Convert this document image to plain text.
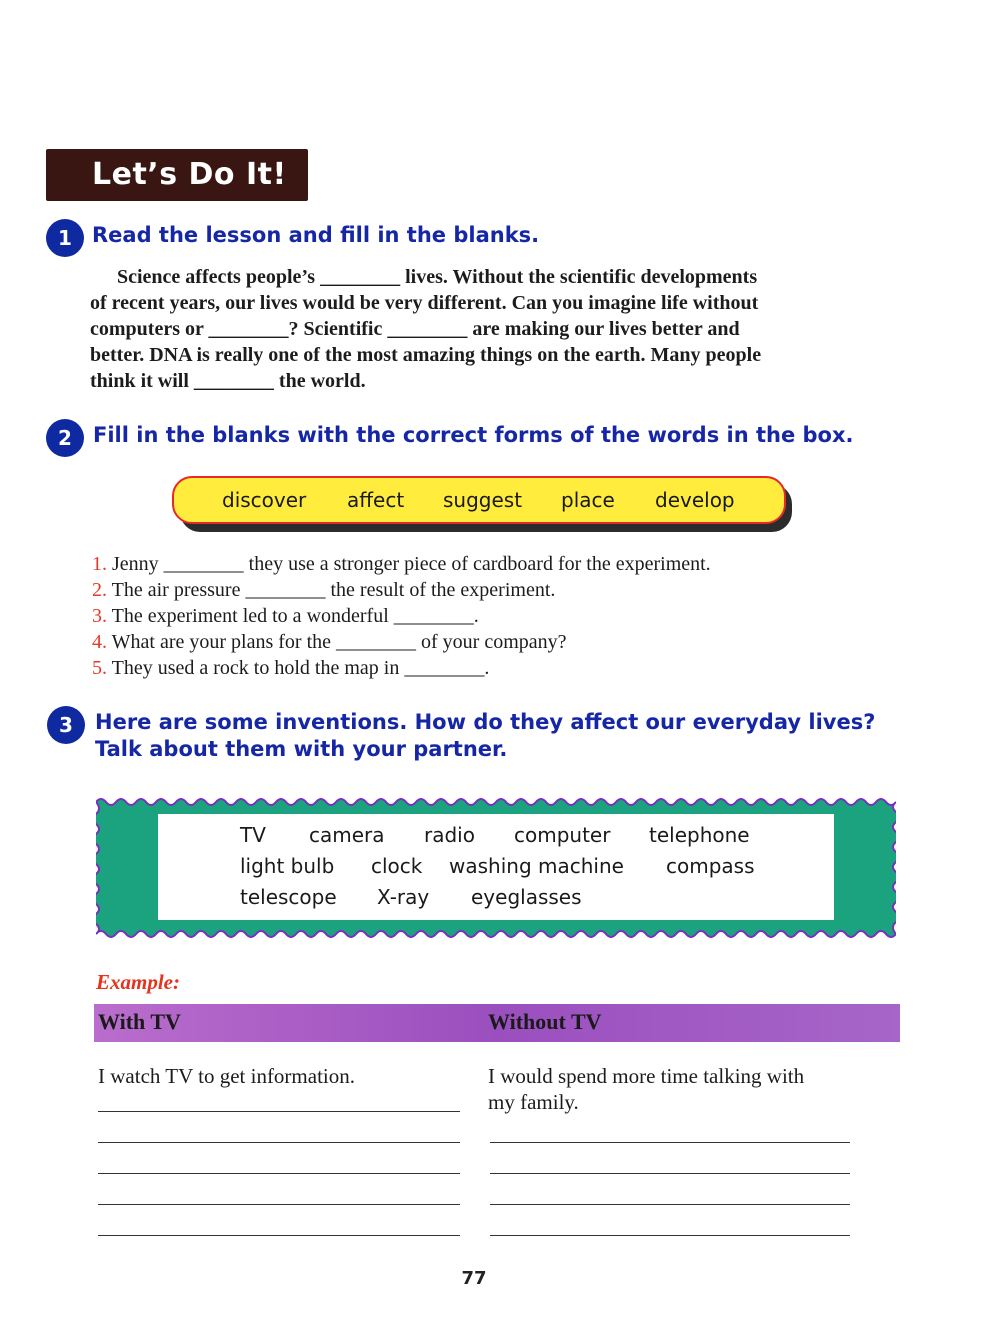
Let’s Do It!
1 Read the lesson and fill in the blanks.
Science affects people’s ________ lives. Without the scientific developments
of recent years, our lives would be very different. Can you imagine life without
computers or ________? Scientific ________ are making our lives better and
better. DNA is really one of the most amazing things on the earth. Many people
think it will ________ the world.
2	Fill in the blanks with the correct forms of the words in the box.
discover affect suggest place develop
1. Jenny ________ they use a stronger piece of cardboard for the experiment.
2. The air pressure ________ the result of the experiment.
3. The experiment led to a wonderful ________.
4. What are your plans for the ________ of your company?
5. They used a rock to hold the map in ________.
3	Here are some inventions. How do they affect our everyday lives?
Talk about them with your partner.
TV camera radio computer telephone
light bulb clock washing machine compass
telescope X-ray eyeglasses
Example:
With TV	Without TV
I watch TV to get information.	I would spend more time talking with
my family.
77
